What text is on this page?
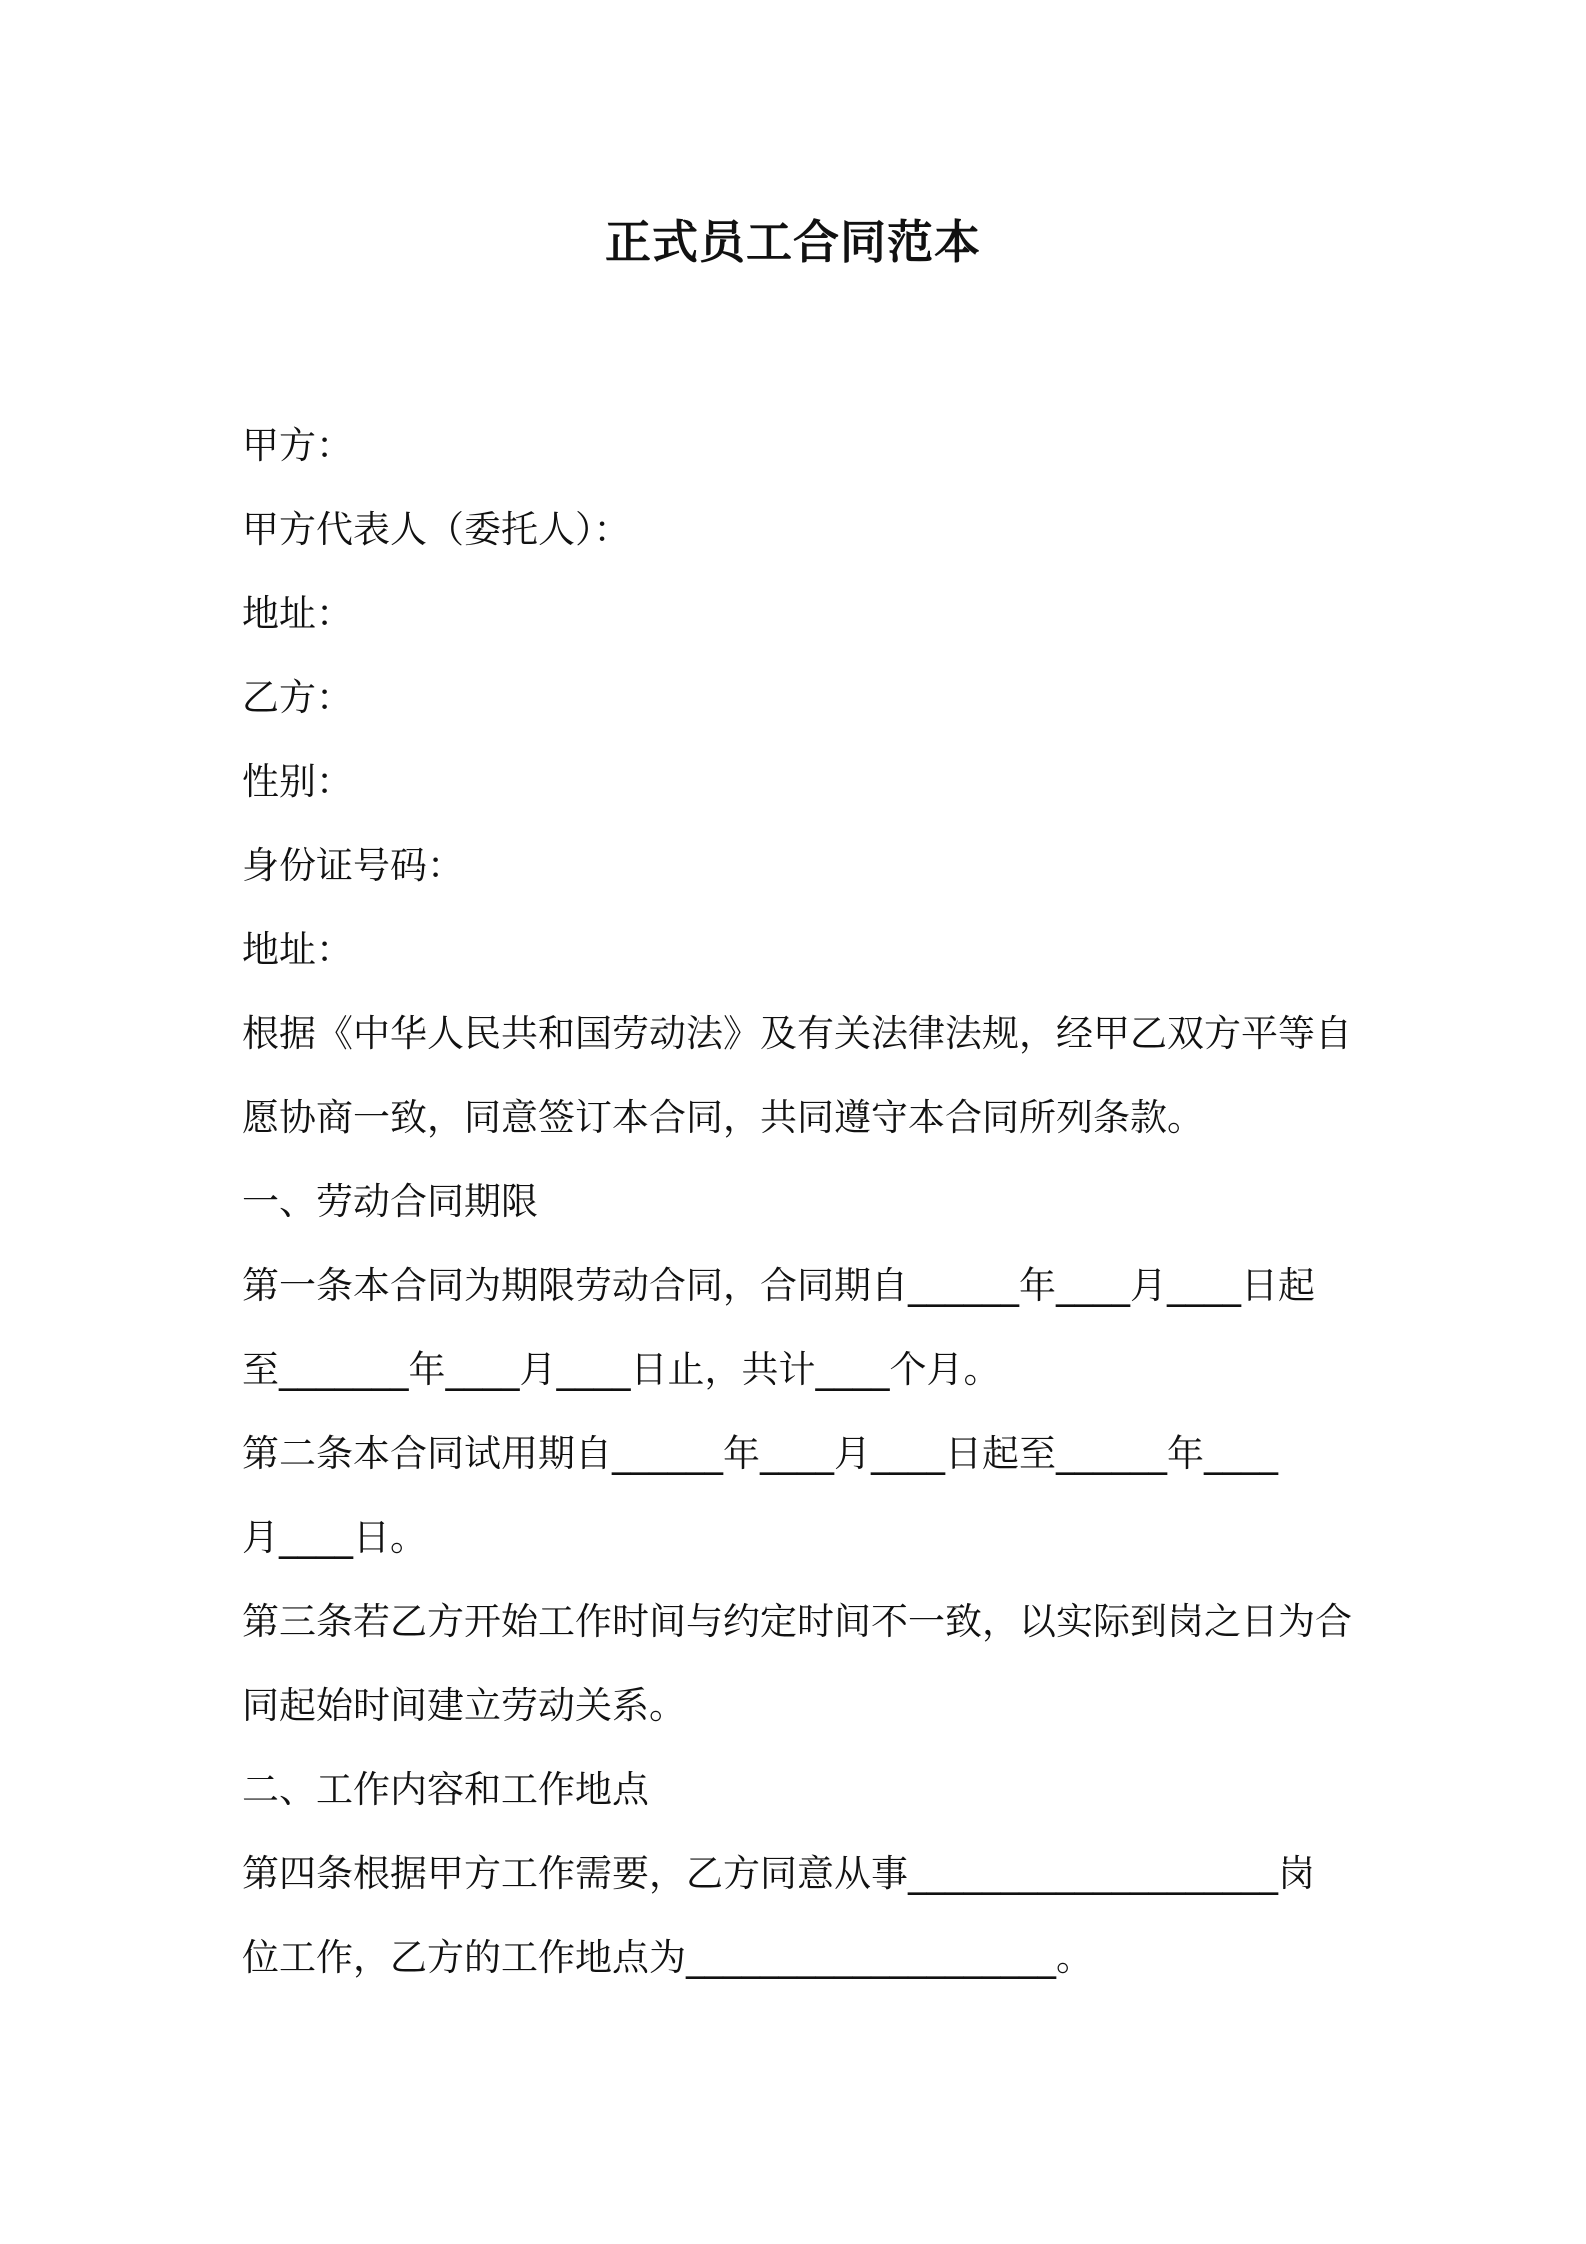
正式员工合同范本
甲方：
甲方代表人（委托人）：
地址：
乙方：
性别：
身份证号码：
地址：
根据《中华人民共和国劳动法》及有关法律法规，经甲乙双方平等自
愿协商一致，同意签订本合同，共同遵守本合同所列条款。
一、劳动合同期限
第一条本合同为期限劳动合同，合同期自______年____月____日起
至_______年____月____日止，共计____个月。
第二条本合同试用期自______年____月____日起至______年____
月____日。
第三条若乙方开始工作时间与约定时间不一致，以实际到岗之日为合
同起始时间建立劳动关系。
二、工作内容和工作地点
第四条根据甲方工作需要，乙方同意从事____________________岗
位工作，乙方的工作地点为____________________。
